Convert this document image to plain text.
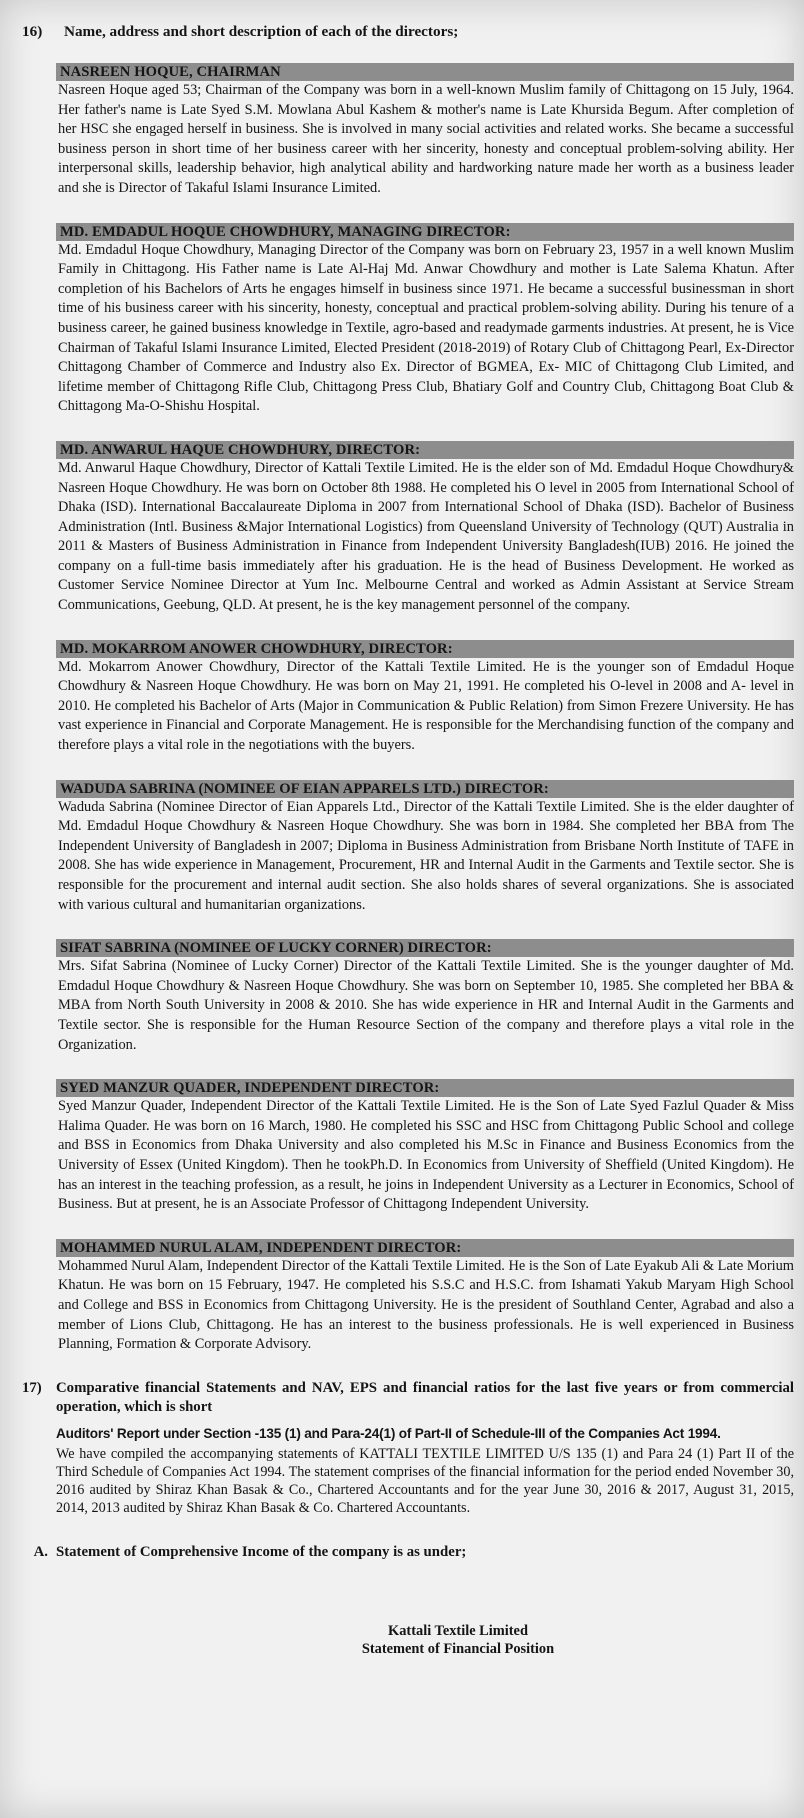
16)	Name, address and short description of each of the directors;
NASREEN HOQUE, CHAIRMAN

Nasreen Hoque aged 53; Chairman of the Company was born in a well-known Muslim family of Chittagong on 15 July, 1964. Her father's name is Late Syed S.M. Mowlana Abul Kashem & mother's name is Late Khursida Begum. After completion of her HSC she engaged herself in business. She is involved in many social activities and related works. She became a successful business person in short time of her business career with her sincerity, honesty and conceptual problem-solving ability. Her interpersonal skills, leadership behavior, high analytical ability and hardworking nature made her worth as a business leader and she is Director of Takaful Islami Insurance Limited.

MD. EMDADUL HOQUE CHOWDHURY, MANAGING DIRECTOR:

Md. Emdadul Hoque Chowdhury, Managing Director of the Company was born on February 23, 1957 in a well known Muslim Family in Chittagong. His Father name is Late Al-Haj Md. Anwar Chowdhury and mother is Late Salema Khatun. After completion of his Bachelors of Arts he engages himself in business since 1971. He became a successful businessman in short time of his business career with his sincerity, honesty, conceptual and practical problem-solving ability. During his tenure of a business career, he gained business knowledge in Textile, agro-based and readymade garments industries. At present, he is Vice Chairman of Takaful Islami Insurance Limited, Elected President (2018-2019) of Rotary Club of Chittagong Pearl, Ex-Director Chittagong Chamber of Commerce and Industry also Ex. Director of BGMEA, Ex- MIC of Chittagong Club Limited, and lifetime member of Chittagong Rifle Club, Chittagong Press Club, Bhatiary Golf and Country Club, Chittagong Boat Club & Chittagong Ma-O-Shishu Hospital.

MD. ANWARUL HAQUE CHOWDHURY, DIRECTOR:

Md. Anwarul Haque Chowdhury, Director of Kattali Textile Limited. He is the elder son of Md. Emdadul Hoque Chowdhury& Nasreen Hoque Chowdhury. He was born on October 8th 1988. He completed his O level in 2005 from International School of Dhaka (ISD). International Baccalaureate Diploma in 2007 from International School of Dhaka (ISD). Bachelor of Business Administration (Intl. Business &Major International Logistics) from Queensland University of Technology (QUT) Australia in 2011 & Masters of Business Administration in Finance from Independent University Bangladesh(IUB) 2016. He joined the company on a full-time basis immediately after his graduation. He is the head of Business Development. He worked as Customer Service Nominee Director at Yum Inc. Melbourne Central and worked as Admin Assistant at Service Stream Communications, Geebung, QLD. At present, he is the key management personnel of the company.

MD. MOKARROM ANOWER CHOWDHURY, DIRECTOR:

Md. Mokarrom Anower Chowdhury, Director of the Kattali Textile Limited. He is the younger son of Emdadul Hoque Chowdhury & Nasreen Hoque Chowdhury. He was born on May 21, 1991. He completed his O-level in 2008 and A- level in 2010. He completed his Bachelor of Arts (Major in Communication & Public Relation) from Simon Frezere University. He has vast experience in Financial and Corporate Management. He is responsible for the Merchandising function of the company and therefore plays a vital role in the negotiations with the buyers.

WADUDA SABRINA (NOMINEE OF EIAN APPARELS LTD.) DIRECTOR:

Waduda Sabrina (Nominee Director of Eian Apparels Ltd., Director of the Kattali Textile Limited. She is the elder daughter of Md. Emdadul Hoque Chowdhury & Nasreen Hoque Chowdhury. She was born in 1984. She completed her BBA from The Independent University of Bangladesh in 2007; Diploma in Business Administration from Brisbane North Institute of TAFE in 2008. She has wide experience in Management, Procurement, HR and Internal Audit in the Garments and Textile sector. She is responsible for the procurement and internal audit section. She also holds shares of several organizations. She is associated with various cultural and humanitarian organizations.

SIFAT SABRINA (NOMINEE OF LUCKY CORNER) DIRECTOR:

Mrs. Sifat Sabrina (Nominee of Lucky Corner) Director of the Kattali Textile Limited. She is the younger daughter of Md. Emdadul Hoque Chowdhury & Nasreen Hoque Chowdhury. She was born on September 10, 1985. She completed her BBA & MBA from North South University in 2008 & 2010. She has wide experience in HR and Internal Audit in the Garments and Textile sector. She is responsible for the Human Resource Section of the company and therefore plays a vital role in the Organization.

SYED MANZUR QUADER, INDEPENDENT DIRECTOR:

Syed Manzur Quader, Independent Director of the Kattali Textile Limited. He is the Son of Late Syed Fazlul Quader & Miss Halima Quader. He was born on 16 March, 1980. He completed his SSC and HSC from Chittagong Public School and college and BSS in Economics from Dhaka University and also completed his M.Sc in Finance and Business Economics from the University of Essex (United Kingdom). Then he tookPh.D. In Economics from University of Sheffield (United Kingdom). He has an interest in the teaching profession, as a result, he joins in Independent University as a Lecturer in Economics, School of Business. But at present, he is an Associate Professor of Chittagong Independent University.

MOHAMMED NURUL ALAM, INDEPENDENT DIRECTOR:

Mohammed Nurul Alam, Independent Director of the Kattali Textile Limited. He is the Son of Late Eyakub Ali & Late Morium Khatun. He was born on 15 February, 1947. He completed his S.S.C and H.S.C. from Ishamati Yakub Maryam High School and College and BSS in Economics from Chittagong University. He is the president of Southland Center, Agrabad and also a member of Lions Club, Chittagong. He has an interest to the business professionals. He is well experienced in Business Planning, Formation & Corporate Advisory.

17) Comparative financial Statements and NAV, EPS and financial ratios for the last five years or from commercial operation, which is short
Auditors' Report under Section -135 (1) and Para-24(1) of Part-II of Schedule-III of the Companies Act 1994.

We have compiled the accompanying statements of KATTALI TEXTILE LIMITED U/S 135 (1) and Para 24 (1) Part II of the Third Schedule of Companies Act 1994. The statement comprises of the financial information for the period ended November 30, 2016 audited by Shiraz Khan Basak & Co., Chartered Accountants and for the year June 30, 2016 & 2017, August 31, 2015, 2014, 2013 audited by Shiraz Khan Basak & Co. Chartered Accountants.

A. Statement of Comprehensive Income of the company is as under;
Kattali Textile Limited
Statement of Financial Position
